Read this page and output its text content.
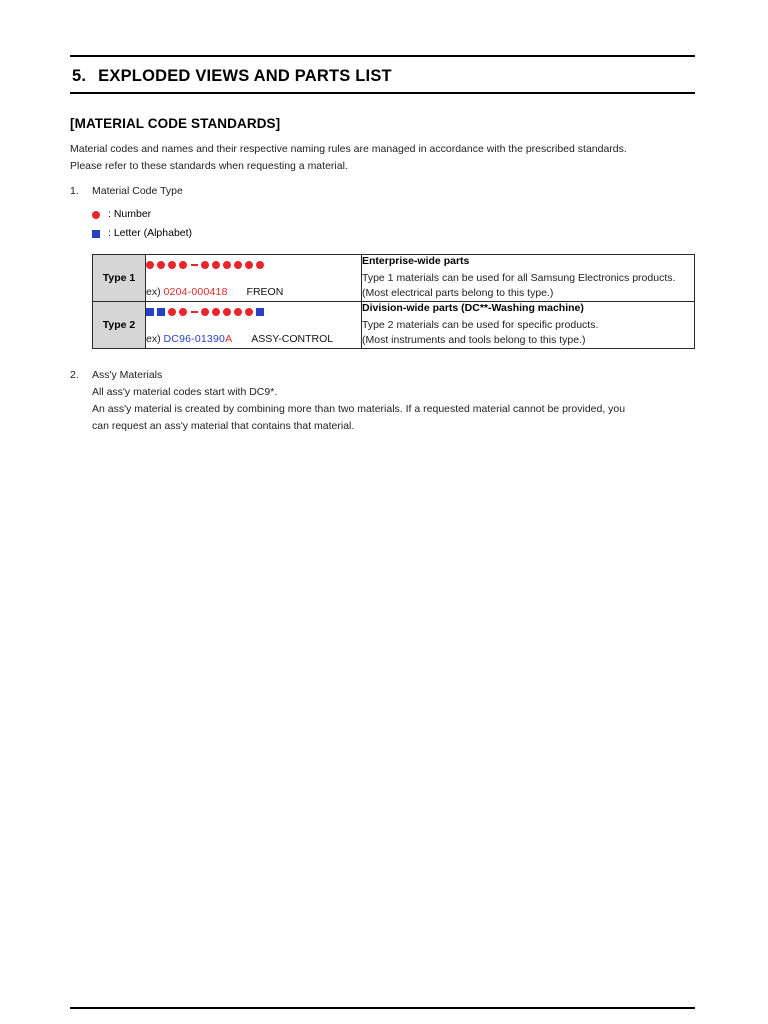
5. EXPLODED VIEWS AND PARTS LIST
[MATERIAL CODE STANDARDS]

Material codes and names and their respective naming rules are managed in accordance with the prescribed standards.

Please refer to these standards when requesting a material.

1. Material Code Type
: Number
: Letter (Alphabet)
Type 1	ex) 0204-000418 FREON	Enterprise-wide parts
Type 1 materials can be used for all Samsung Electronics products.
(Most electrical parts belong to this type.)

Type 2	ex) DC96-01390A ASSY-CONTROL	Division-wide parts (DC**-Washing machine)
Type 2 materials can be used for specific products.
(Most instruments and tools belong to this type.)
2. Ass'y Materials

All ass'y material codes start with DC9*.

An ass'y material is created by combining more than two materials. If a requested material cannot be provided, you

can request an ass'y material that contains that material.
